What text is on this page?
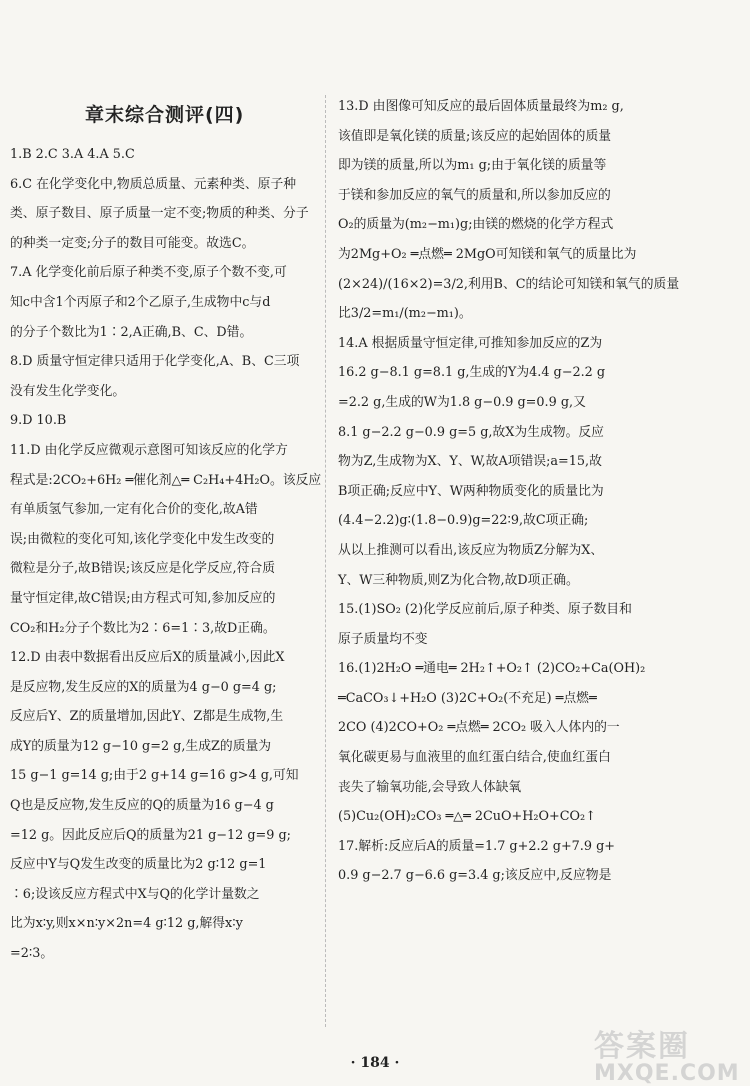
章末综合测评(四)
1.B 2.C 3.A 4.A 5.C
6.C 在化学变化中,物质总质量、元素种类、原子种
类、原子数目、原子质量一定不变;物质的种类、分子
的种类一定变;分子的数目可能变。故选C。
7.A 化学变化前后原子种类不变,原子个数不变,可
知c中含1个丙原子和2个乙原子,生成物中c与d
的分子个数比为1∶2,A正确,B、C、D错。
8.D 质量守恒定律只适用于化学变化,A、B、C三项
没有发生化学变化。
9.D 10.B
11.D 由化学反应微观示意图可知该反应的化学方
程式是:2CO₂+6H₂ ═催化剂△═ C₂H₄+4H₂O。该反应
有单质氢气参加,一定有化合价的变化,故A错
误;由微粒的变化可知,该化学变化中发生改变的
微粒是分子,故B错误;该反应是化学反应,符合质
量守恒定律,故C错误;由方程式可知,参加反应的
CO₂和H₂分子个数比为2∶6=1∶3,故D正确。
12.D 由表中数据看出反应后X的质量减小,因此X
是反应物,发生反应的X的质量为4 g−0 g=4 g;
反应后Y、Z的质量增加,因此Y、Z都是生成物,生
成Y的质量为12 g−10 g=2 g,生成Z的质量为
15 g−1 g=14 g;由于2 g+14 g=16 g>4 g,可知
Q也是反应物,发生反应的Q的质量为16 g−4 g
=12 g。因此反应后Q的质量为21 g−12 g=9 g;
反应中Y与Q发生改变的质量比为2 g∶12 g=1
∶6;设该反应方程式中X与Q的化学计量数之
比为x∶y,则x×n∶y×2n=4 g∶12 g,解得x∶y
=2∶3。
13.D 由图像可知反应的最后固体质量最终为m₂ g,
该值即是氧化镁的质量;该反应的起始固体的质量
即为镁的质量,所以为m₁ g;由于氧化镁的质量等
于镁和参加反应的氧气的质量和,所以参加反应的
O₂的质量为(m₂−m₁)g;由镁的燃烧的化学方程式
为2Mg+O₂ ═点燃═ 2MgO可知镁和氧气的质量比为
(2×24)/(16×2)=3/2,利用B、C的结论可知镁和氧气的质量
比3/2=m₁/(m₂−m₁)。
14.A 根据质量守恒定律,可推知参加反应的Z为
16.2 g−8.1 g=8.1 g,生成的Y为4.4 g−2.2 g
=2.2 g,生成的W为1.8 g−0.9 g=0.9 g,又
8.1 g−2.2 g−0.9 g=5 g,故X为生成物。反应
物为Z,生成物为X、Y、W,故A项错误;a=15,故
B项正确;反应中Y、W两种物质变化的质量比为
(4.4−2.2)g∶(1.8−0.9)g=22∶9,故C项正确;
从以上推测可以看出,该反应为物质Z分解为X、
Y、W三种物质,则Z为化合物,故D项正确。
15.(1)SO₂ (2)化学反应前后,原子种类、原子数目和
原子质量均不变
16.(1)2H₂O ═通电═ 2H₂↑+O₂↑ (2)CO₂+Ca(OH)₂
═CaCO₃↓+H₂O (3)2C+O₂(不充足) ═点燃═
2CO (4)2CO+O₂ ═点燃═ 2CO₂ 吸入人体内的一
氧化碳更易与血液里的血红蛋白结合,使血红蛋白
丧失了输氧功能,会导致人体缺氧
(5)Cu₂(OH)₂CO₃ ═△═ 2CuO+H₂O+CO₂↑
17.解析:反应后A的质量=1.7 g+2.2 g+7.9 g+
0.9 g−2.7 g−6.6 g=3.4 g;该反应中,反应物是
· 184 ·	答案圈
MXQE.COM
